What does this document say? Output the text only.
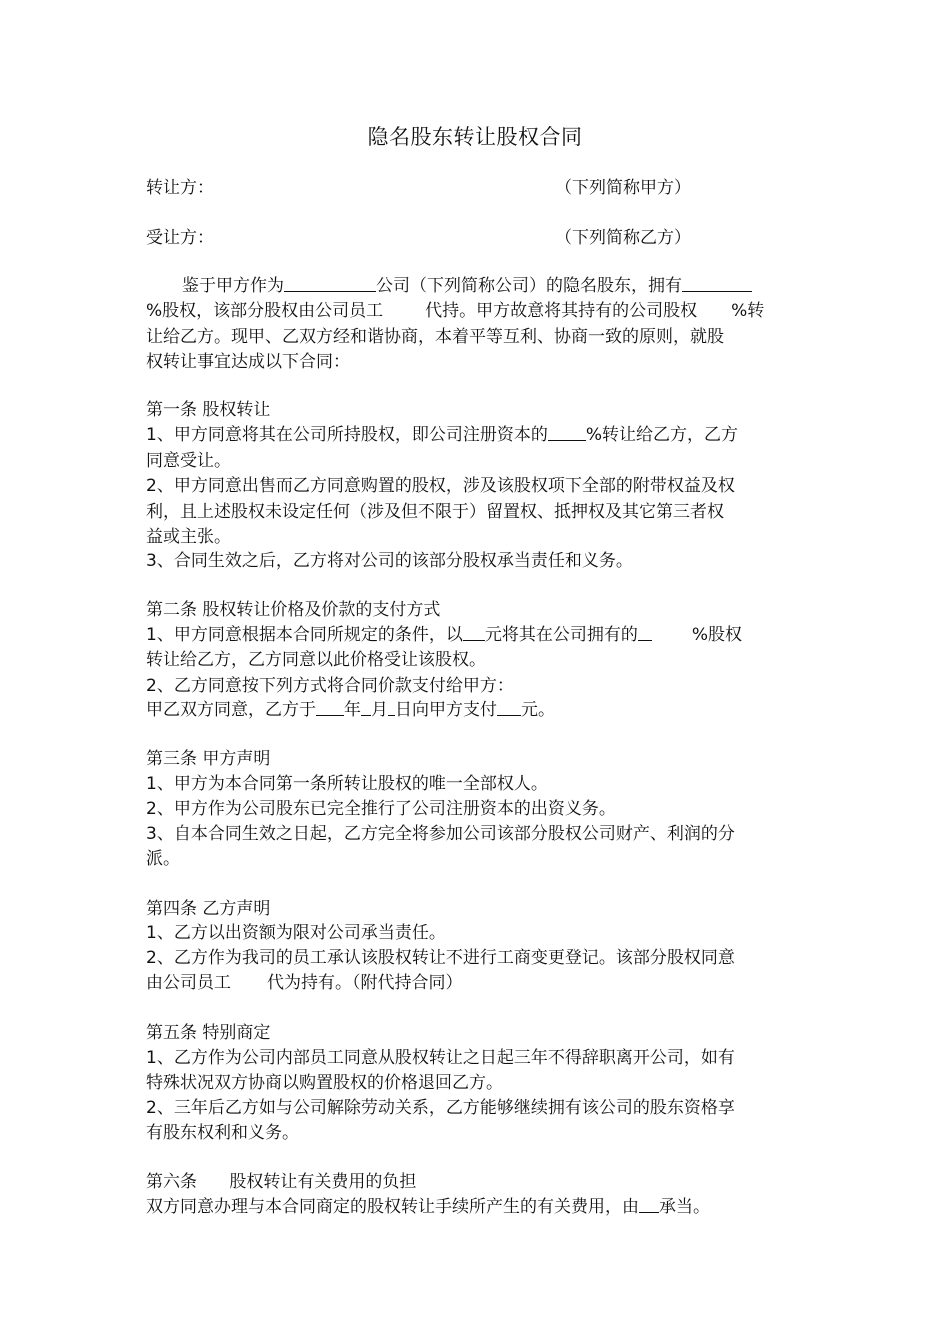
隐名股东转让股权合同
转让方：	（下列简称甲方）
受让方：	（下列简称乙方）
鉴于甲方作为	公司（下列简称公司）的隐名股东，拥有
%股权，该部分股权由公司员工 代持。甲方故意将其持有的公司股权 %转
让给乙方。现甲、乙双方经和谐协商，本着平等互利、协商一致的原则，就股
权转让事宜达成以下合同：
第一条 股权转让
1、甲方同意将其在公司所持股权，即公司注册资本的 %转让给乙方，乙方
同意受让。
2、甲方同意出售而乙方同意购置的股权，涉及该股权项下全部的附带权益及权
利，且上述股权未设定任何（涉及但不限于）留置权、抵押权及其它第三者权
益或主张。
3、合同生效之后，乙方将对公司的该部分股权承当责任和义务。
第二条 股权转让价格及价款的支付方式
1、甲方同意根据本合同所规定的条件，以 元将其在公司拥有的	%股权
转让给乙方，乙方同意以此价格受让该股权。
2、乙方同意按下列方式将合同价款支付给甲方：
甲乙双方同意，乙方于 年 月 日向甲方支付 元。
第三条 甲方声明
1、甲方为本合同第一条所转让股权的唯一全部权人。
2、甲方作为公司股东已完全推行了公司注册资本的出资义务。
3、自本合同生效之日起，乙方完全将参加公司该部分股权公司财产、利润的分
派。
第四条 乙方声明
1、乙方以出资额为限对公司承当责任。
2、乙方作为我司的员工承认该股权转让不进行工商变更登记。该部分股权同意
由公司员工 代为持有。（附代持合同）
第五条 特别商定
1、乙方作为公司内部员工同意从股权转让之日起三年不得辞职离开公司，如有
特殊状况双方协商以购置股权的价格退回乙方。
2、三年后乙方如与公司解除劳动关系，乙方能够继续拥有该公司的股东资格享
有股东权利和义务。
第六条      股权转让有关费用的负担
双方同意办理与本合同商定的股权转让手续所产生的有关费用，由 承当。
